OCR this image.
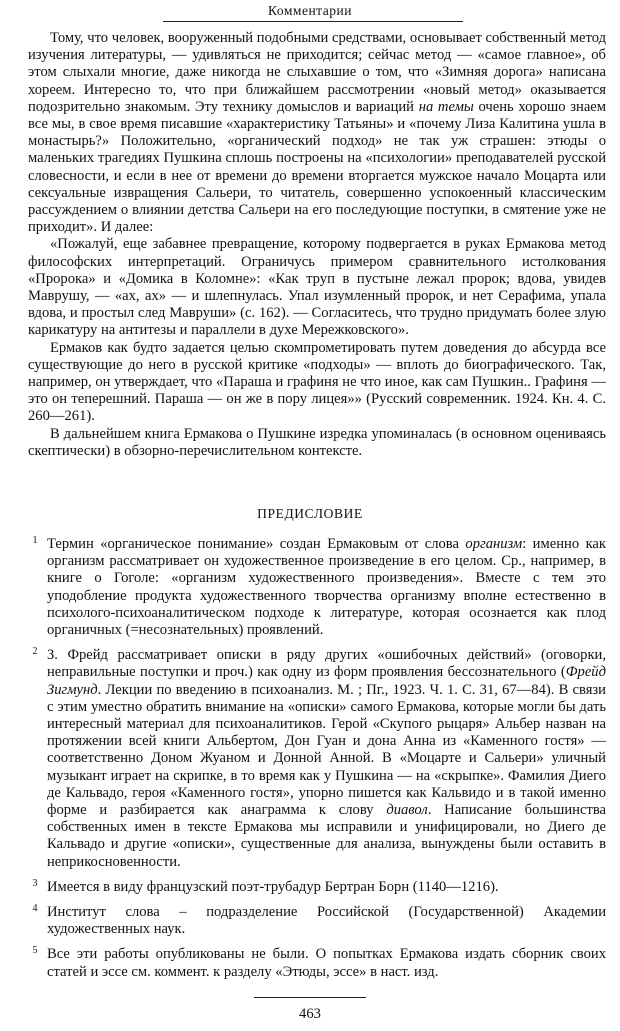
Комментарии

Тому, что человек, вооруженный подобными средствами, основывает собственный метод изучения литературы, — удивляться не приходится; сейчас метод — «самое главное», об этом слыхали многие, даже никогда не слыхавшие о том, что «Зимняя дорога» написана хореем. Интересно то, что при ближайшем рассмотрении «новый метод» оказывается подозрительно знакомым. Эту технику домыслов и вариаций на темы очень хорошо знаем все мы, в свое время писавшие «характеристику Татьяны» и «почему Лиза Калитина ушла в монастырь?» Положительно, «органический подход» не так уж страшен: этюды о маленьких трагедиях Пушкина сплошь построены на «психологии» преподавателей русской словесности, и если в нее от времени до времени вторгается мужское начало Моцарта или сексуальные извращения Сальери, то читатель, совершенно успокоенный классическим рассуждением о влиянии детства Сальери на его последующие поступки, в смятение уже не приходит». И далее:

«Пожалуй, еще забавнее превращение, которому подвергается в руках Ермакова метод философских интерпретаций. Ограничусь примером сравнительного истолкования «Пророка» и «Домика в Коломне»: «Как труп в пустыне лежал пророк; вдова, увидев Маврушу, — «ах, ах» — и шлепнулась. Упал изумленный пророк, и нет Серафима, упала вдова, и простыл след Мавруши» (с. 162). — Согласитесь, что трудно придумать более злую карикатуру на антитезы и параллели в духе Мережковского».

Ермаков как будто задается целью скомпрометировать путем доведения до абсурда все существующие до него в русской критике «подходы» — вплоть до биографического. Так, например, он утверждает, что «Параша и графиня не что иное, как сам Пушкин.. Графиня — это он теперешний. Параша — он же в пору лицея»» (Русский современник. 1924. Кн. 4. С. 260—261).

В дальнейшем книга Ермакова о Пушкине изредка упоминалась (в основном оцениваясь скептически) в обзорно-перечислительном контексте.

ПРЕДИСЛОВИЕ
1 Термин «органическое понимание» создан Ермаковым от слова организм: именно как организм рассматривает он художественное произведение в его целом. Ср., например, в книге о Гоголе: «организм художественного произведения». Вместе с тем это уподобление продукта художественного творчества организму вполне естественно в психолого-психоаналитическом подходе к литературе, которая осознается как плод органичных (=несознательных) проявлений.
2 З. Фрейд рассматривает описки в ряду других «ошибочных действий» (оговорки, неправильные поступки и проч.) как одну из форм проявления бессознательного (Фрейд Зигмунд. Лекции по введению в психоанализ. М. ; Пг., 1923. Ч. 1. С. 31, 67—84). В связи с этим уместно обратить внимание на «описки» самого Ермакова, которые могли бы дать интересный материал для психоаналитиков. Герой «Скупого рыцаря» Альбер назван на протяжении всей книги Альбертом, Дон Гуан и дона Анна из «Каменного гостя» — соответственно Доном Жуаном и Донной Анной. В «Моцарте и Сальери» уличный музыкант играет на скрипке, в то время как у Пушкина — на «скрыпке». Фамилия Диего де Кальвадо, героя «Каменного гостя», упорно пишется как Кальвидо и в такой именно форме и разбирается как анаграмма к слову диавол. Написание большинства собственных имен в тексте Ермакова мы исправили и унифицировали, но Диего де Кальвадо и другие «описки», существенные для анализа, вынуждены были оставить в неприкосновенности.
3 Имеется в виду французский поэт-трубадур Бертран Борн (1140—1216).
4 Институт слова – подразделение Российской (Государственной) Академии художественных наук.
5 Все эти работы опубликованы не были. О попытках Ермакова издать сборник своих статей и эссе см. коммент. к разделу «Этюды, эссе» в наст. изд.
463
